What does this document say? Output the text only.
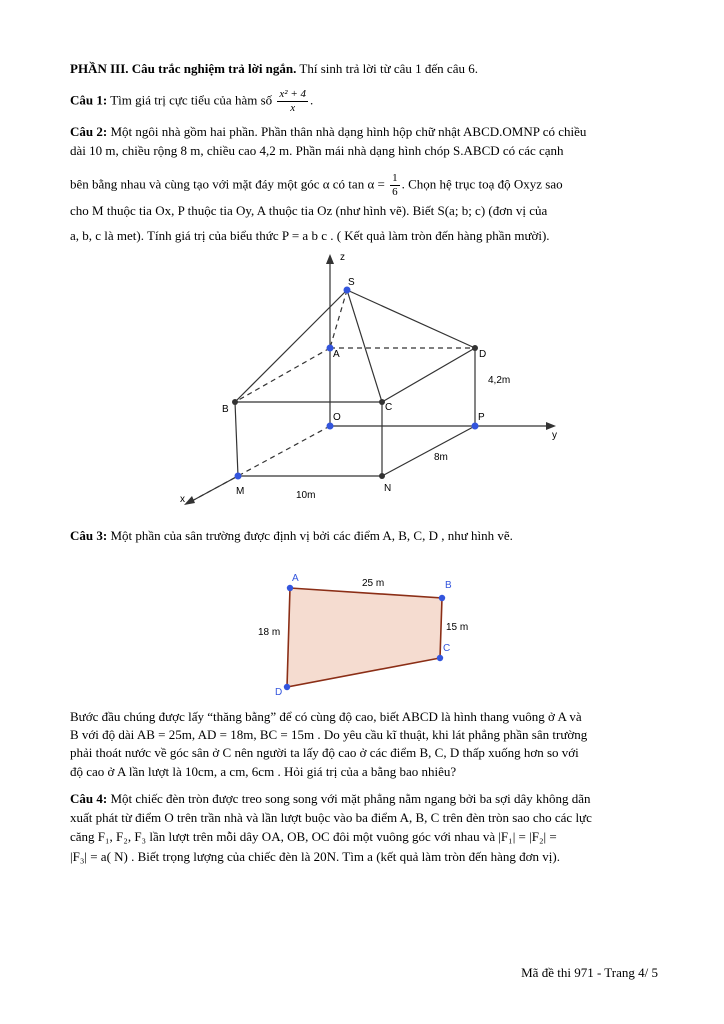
PHẦN III. Câu trắc nghiệm trả lời ngắn. Thí sinh trả lời từ câu 1 đến câu 6.
Câu 1: Tìm giá trị cực tiểu của hàm số $\frac{\text{x² + 4}}{x}$ .
Câu 2: Một ngôi nhà gồm hai phần. Phần thân nhà dạng hình hộp chữ nhật ABCD.OMNP có chiều
dài 10 m, chiều rộng 8 m, chiều cao 4,2 m. Phần mái nhà dạng hình chóp S.ABCD có các cạnh
bên bằng nhau và cùng tạo với mặt đáy một góc α có $\tan \alpha = \frac{1}{6}$ . Chọn hệ trục toạ độ Oxyz sao
cho M thuộc tia Ox, P thuộc tia Oy, A thuộc tia Oz (như hình vẽ). Biết S(a; b; c) (đơn vị của
a, b, c là met). Tính giá trị của biểu thức P = a b c . ( Kết quả làm tròn đến hàng phần mười).
z
S
A	D
B	C
O	P
y
x
M	N
4,2m
8m
10m
Câu 3: Một phần của sân trường được định vị bởi các điểm A, B, C, D , như hình vẽ.
A
B
C
D
25 m
18 m	15 m
Bước đầu chúng được lấy “thăng bằng” để có cùng độ cao, biết ABCD là hình thang vuông ở A và
B với độ dài AB = 25m, AD = 18m, BC = 15m . Do yêu cầu kĩ thuật, khi lát phẳng phần sân trường
phải thoát nước về góc sân ở C nên người ta lấy độ cao ở các điểm B, C, D thấp xuống hơn so với
độ cao ở A lần lượt là 10cm, a cm, 6cm . Hỏi giá trị của a bằng bao nhiêu?
Câu 4: Một chiếc đèn tròn được treo song song với mặt phẳng nằm ngang bởi ba sợi dây không dãn
xuất phát từ điểm O trên trần nhà và lần lượt buộc vào ba điểm A, B, C trên đèn tròn sao cho các lực
căng F₁, F₂, F₃ lần lượt trên mỗi dây OA, OB, OC đôi một vuông góc với nhau và |F₁| = |F₂| =
|F₃| = a( N) . Biết trọng lượng của chiếc đèn là 20N. Tìm a (kết quả làm tròn đến hàng đơn vị).
Mã đề thi 971 - Trang 4/ 5
